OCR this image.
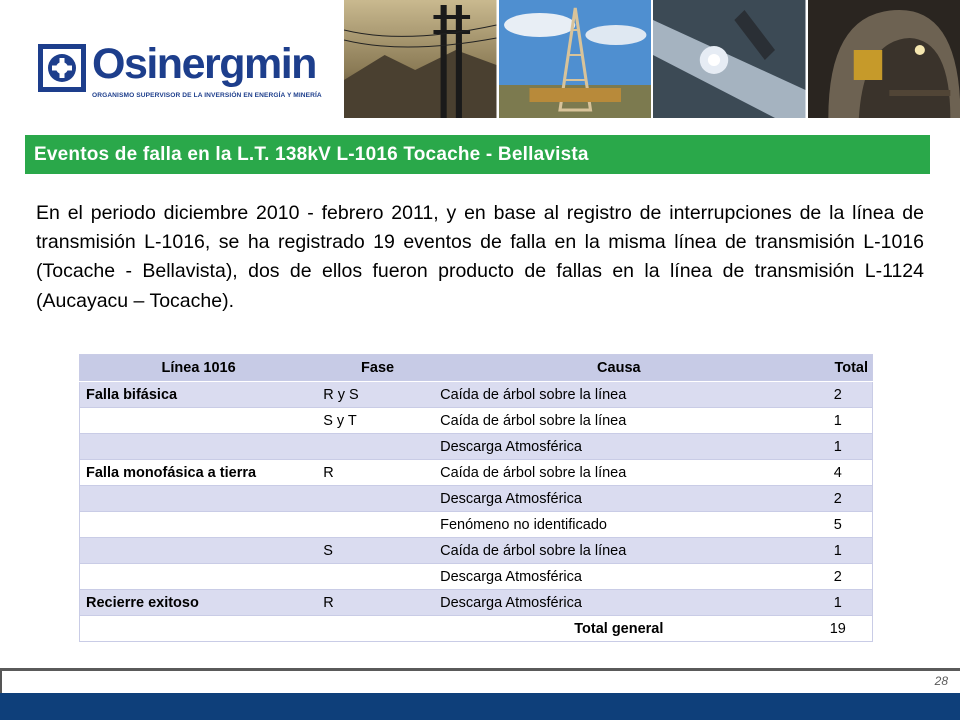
Osinergmin
ORGANISMO SUPERVISOR DE LA INVERSIÓN EN ENERGÍA Y MINERÍA
Eventos de falla en la L.T. 138kV L-1016 Tocache - Bellavista

En el periodo diciembre 2010 - febrero 2011, y en base al registro de interrupciones de la línea de transmisión L-1016, se ha registrado 19 eventos de falla en la misma línea de transmisión L-1016 (Tocache - Bellavista), dos de ellos fueron producto de fallas en la línea de transmisión L-1124 (Aucayacu – Tocache).

Línea 1016	Fase	Causa	Total
Falla bifásica	R y S	Caída de árbol sobre la línea	2
	S y T	Caída de árbol sobre la línea	1
		Descarga Atmosférica	1
Falla monofásica a tierra	R	Caída de árbol sobre la línea	4
		Descarga Atmosférica	2
		Fenómeno no identificado	5
	S	Caída de árbol sobre la línea	1
		Descarga Atmosférica	2
Recierre exitoso	R	Descarga Atmosférica	1
		Total general	19
28
